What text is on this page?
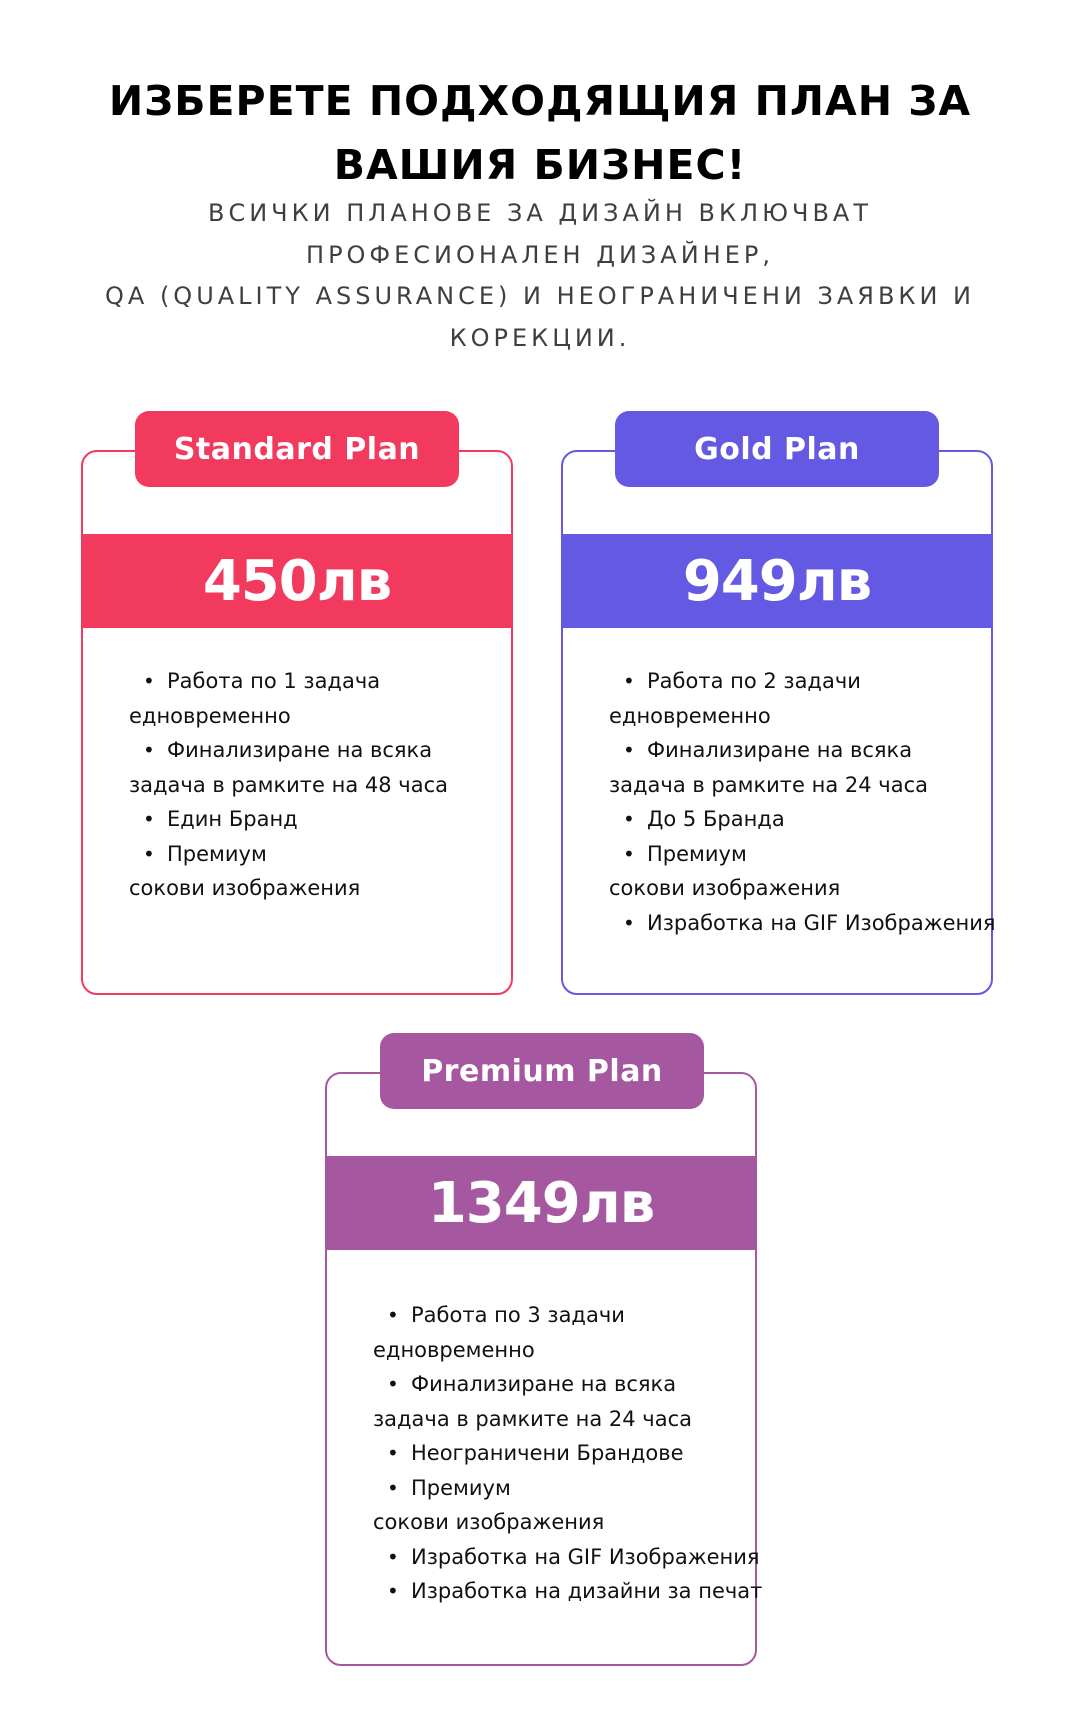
ИЗБЕРЕТЕ ПОДХОДЯЩИЯ ПЛАН ЗА
ВАШИЯ БИЗНЕС!
ВСИЧКИ ПЛАНОВЕ ЗА ДИЗАЙН ВКЛЮЧВАТ
ПРОФЕСИОНАЛЕН ДИЗАЙНЕР,
QA (QUALITY ASSURANCE) И НЕОГРАНИЧЕНИ ЗАЯВКИ И
КОРЕКЦИИ.
450лв
• Работа по 1 задача
едновременно
• Финализиране на всяка
задача в рамките на 48 часа
• Един Бранд
• Премиум
сокови изображения
Standard Plan
949лв
• Работа по 2 задачи
едновременно
• Финализиране на всяка
задача в рамките на 24 часа
• До 5 Бранда
• Премиум
сокови изображения
• Изработка на GIF Изображения
Gold Plan
1349лв
• Работа по 3 задачи
едновременно
• Финализиране на всяка
задача в рамките на 24 часа
• Неограничени Брандове
• Премиум
сокови изображения
• Изработка на GIF Изображения
• Изработка на дизайни за печат
Premium Plan
